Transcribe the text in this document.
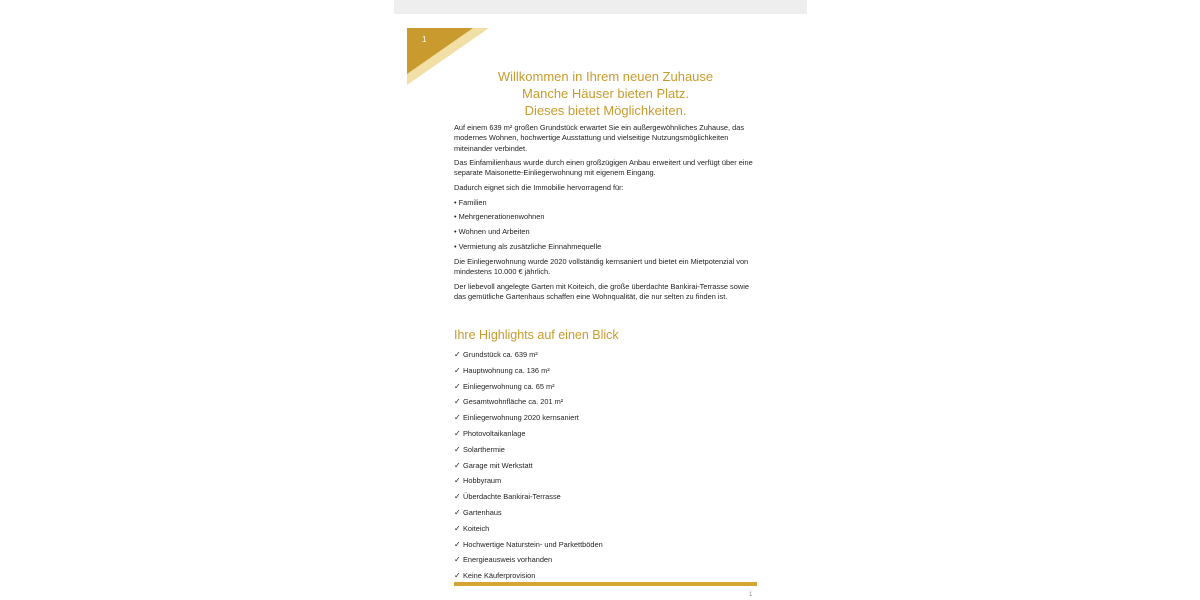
1
Willkommen in Ihrem neuen Zuhause
Manche Häuser bieten Platz.
Dieses bietet Möglichkeiten.

Auf einem 639 m² großen Grundstück erwartet Sie ein außergewöhnliches Zuhause, das modernes Wohnen, hochwertige Ausstattung und vielseitige Nutzungsmöglichkeiten miteinander verbindet.

Das Einfamilienhaus wurde durch einen großzügigen Anbau erweitert und verfügt über eine separate Maisonette-Einliegerwohnung mit eigenem Eingang.

Dadurch eignet sich die Immobilie hervorragend für:

• Familien
• Mehrgenerationenwohnen
• Wohnen und Arbeiten
• Vermietung als zusätzliche Einnahmequelle

Die Einliegerwohnung wurde 2020 vollständig kernsaniert und bietet ein Mietpotenzial von mindestens 10.000 € jährlich.

Der liebevoll angelegte Garten mit Koiteich, die große überdachte Bankirai-Terrasse sowie das gemütliche Gartenhaus schaffen eine Wohnqualität, die nur selten zu finden ist.

Ihre Highlights auf einen Blick
✓ Grundstück ca. 639 m²
✓ Hauptwohnung ca. 136 m²
✓ Einliegerwohnung ca. 65 m²
✓ Gesamtwohnfläche ca. 201 m²
✓ Einliegerwohnung 2020 kernsaniert
✓ Photovoltaikanlage
✓ Solarthermie
✓ Garage mit Werkstatt
✓ Hobbyraum
✓ Überdachte Bankirai-Terrasse
✓ Gartenhaus
✓ Koiteich
✓ Hochwertige Naturstein- und Parkettböden
✓ Energieausweis vorhanden
✓ Keine Käuferprovision
1
